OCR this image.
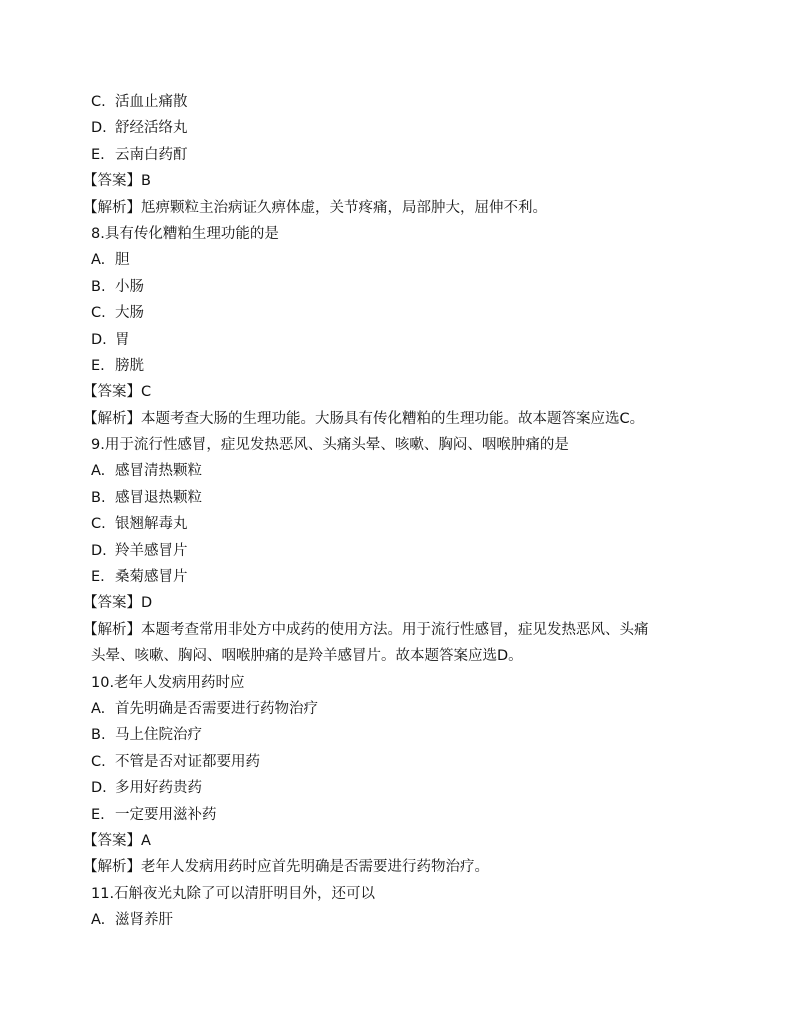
C. 活血止痛散
D. 舒经活络丸
E. 云南白药酊
【答案】B
【解析】尪痹颗粒主治病证久痹体虚，关节疼痛，局部肿大，屈伸不利。
8.具有传化糟粕生理功能的是
A. 胆
B. 小肠
C. 大肠
D. 胃
E. 膀胱
【答案】C
【解析】本题考查大肠的生理功能。大肠具有传化糟粕的生理功能。故本题答案应选C。
9.用于流行性感冒，症见发热恶风、头痛头晕、咳嗽、胸闷、咽喉肿痛的是
A. 感冒清热颗粒
B. 感冒退热颗粒
C. 银翘解毒丸
D. 羚羊感冒片
E. 桑菊感冒片
【答案】D
【解析】本题考查常用非处方中成药的使用方法。用于流行性感冒，症见发热恶风、头痛
头晕、咳嗽、胸闷、咽喉肿痛的是羚羊感冒片。故本题答案应选D。
10.老年人发病用药时应
A. 首先明确是否需要进行药物治疗
B. 马上住院治疗
C. 不管是否对证都要用药
D. 多用好药贵药
E. 一定要用滋补药
【答案】A
【解析】老年人发病用药时应首先明确是否需要进行药物治疗。
11.石斛夜光丸除了可以清肝明目外，还可以
A. 滋肾养肝
